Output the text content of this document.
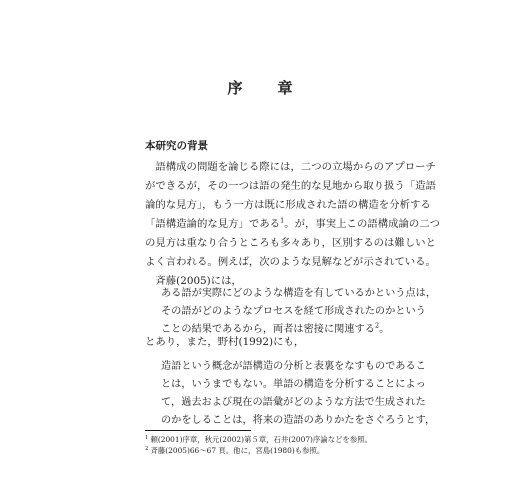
序　章
本研究の背景
　語構成の問題を論じる際には，二つの立場からのアプローチ
ができるが，その一つは語の発生的な見地から取り扱う「造語
論的な見方」，もう一方は既に形成された語の構造を分析する
「語構造論的な見方」である$^1$。が，事実上この語構成論の二つ
の見方は重なり合うところも多々あり，区別するのは難しいと
よく言われる。例えば，次のような見解などが示されている。
　斉藤(2005)には，
ある語が実際にどのような構造を有しているかという点は，
その語がどのようなプロセスを経て形成されたのかという
ことの結果であるから，両者は密接に関連する$^2$。
とあり，また，野村(1992)にも，
造語という概念が語構造の分析と表裏をなすものであるこ
とは，いうまでもない。単語の構造を分析することによっ
て，過去および現在の語彙がどのような方法で生成された
のかをしることは，将来の造語のありかたをさぐろうとす，
$^1$ 頼(2001)序章，秋元(2002)第５章，石井(2007)序論などを参照。
$^2$ 斉藤(2005)66～67 頁。他に，宮島(1980)も参照。
